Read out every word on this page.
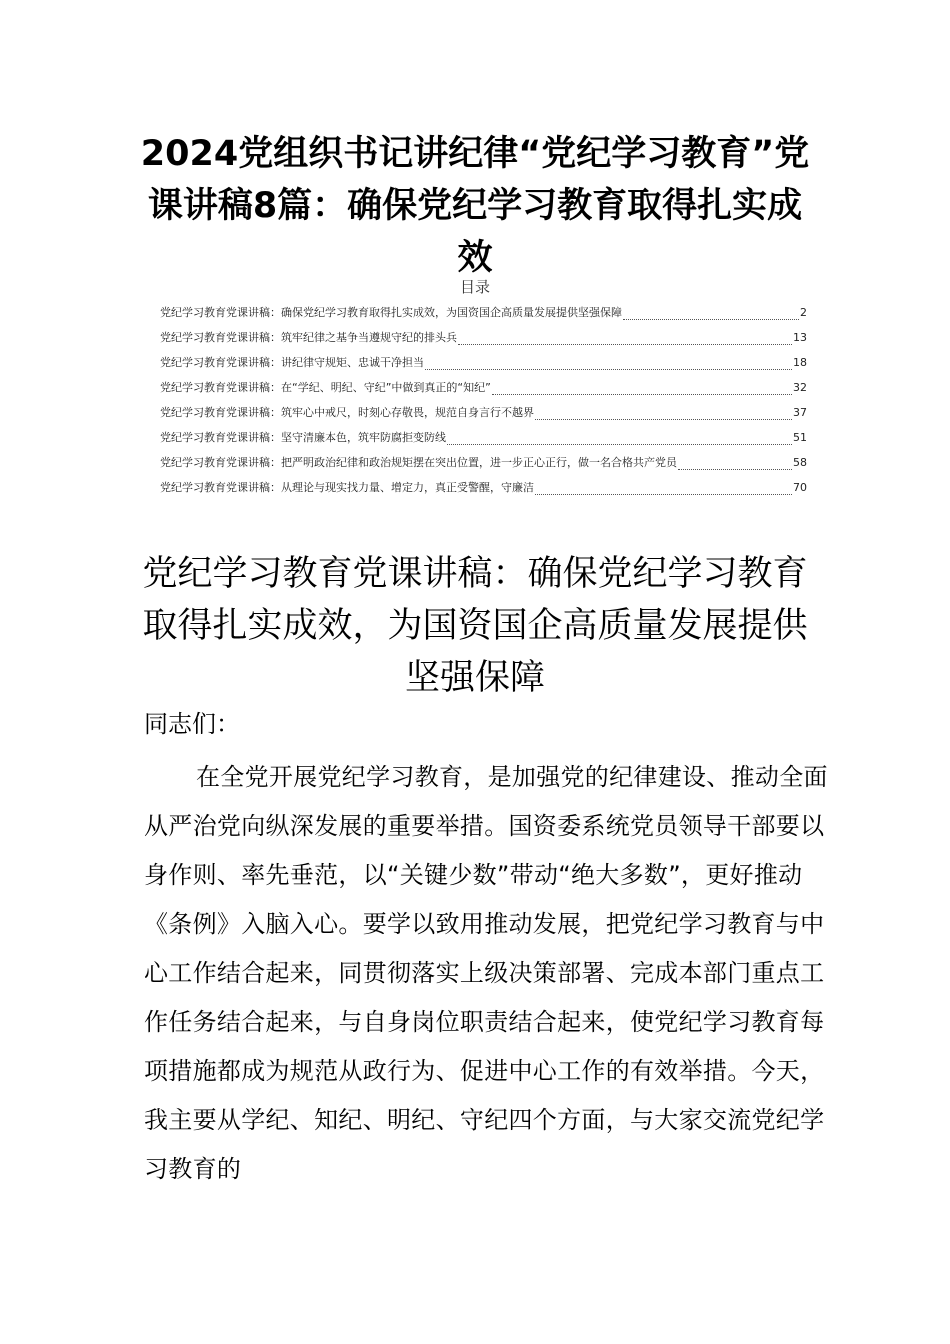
2024党组织书记讲纪律“党纪学习教育”党课讲稿8篇：确保党纪学习教育取得扎实成效
目录
党纪学习教育党课讲稿：确保党纪学习教育取得扎实成效，为国资国企高质量发展提供坚强保障	2
党纪学习教育党课讲稿：筑牢纪律之基争当遵规守纪的排头兵	13
党纪学习教育党课讲稿：讲纪律守规矩、忠诚干净担当	18
党纪学习教育党课讲稿：在“学纪、明纪、守纪”中做到真正的“知纪”	32
党纪学习教育党课讲稿：筑牢心中戒尺，时刻心存敬畏，规范自身言行不越界	37
党纪学习教育党课讲稿：坚守清廉本色，筑牢防腐拒变防线	51
党纪学习教育党课讲稿：把严明政治纪律和政治规矩摆在突出位置，进一步正心正行，做一名合格共产党员	58
党纪学习教育党课讲稿：从理论与现实找力量、增定力，真正受警醒，守廉洁	70
党纪学习教育党课讲稿：确保党纪学习教育取得扎实成效，为国资国企高质量发展提供坚强保障
同志们：

在全党开展党纪学习教育，是加强党的纪律建设、推动全面从严治党向纵深发展的重要举措。国资委系统党员领导干部要以身作则、率先垂范，以“关键少数”带动“绝大多数”，更好推动《条例》入脑入心。要学以致用推动发展，把党纪学习教育与中心工作结合起来，同贯彻落实上级决策部署、完成本部门重点工作任务结合起来，与自身岗位职责结合起来，使党纪学习教育每项措施都成为规范从政行为、促进中心工作的有效举措。今天，我主要从学纪、知纪、明纪、守纪四个方面，与大家交流党纪学习教育的
